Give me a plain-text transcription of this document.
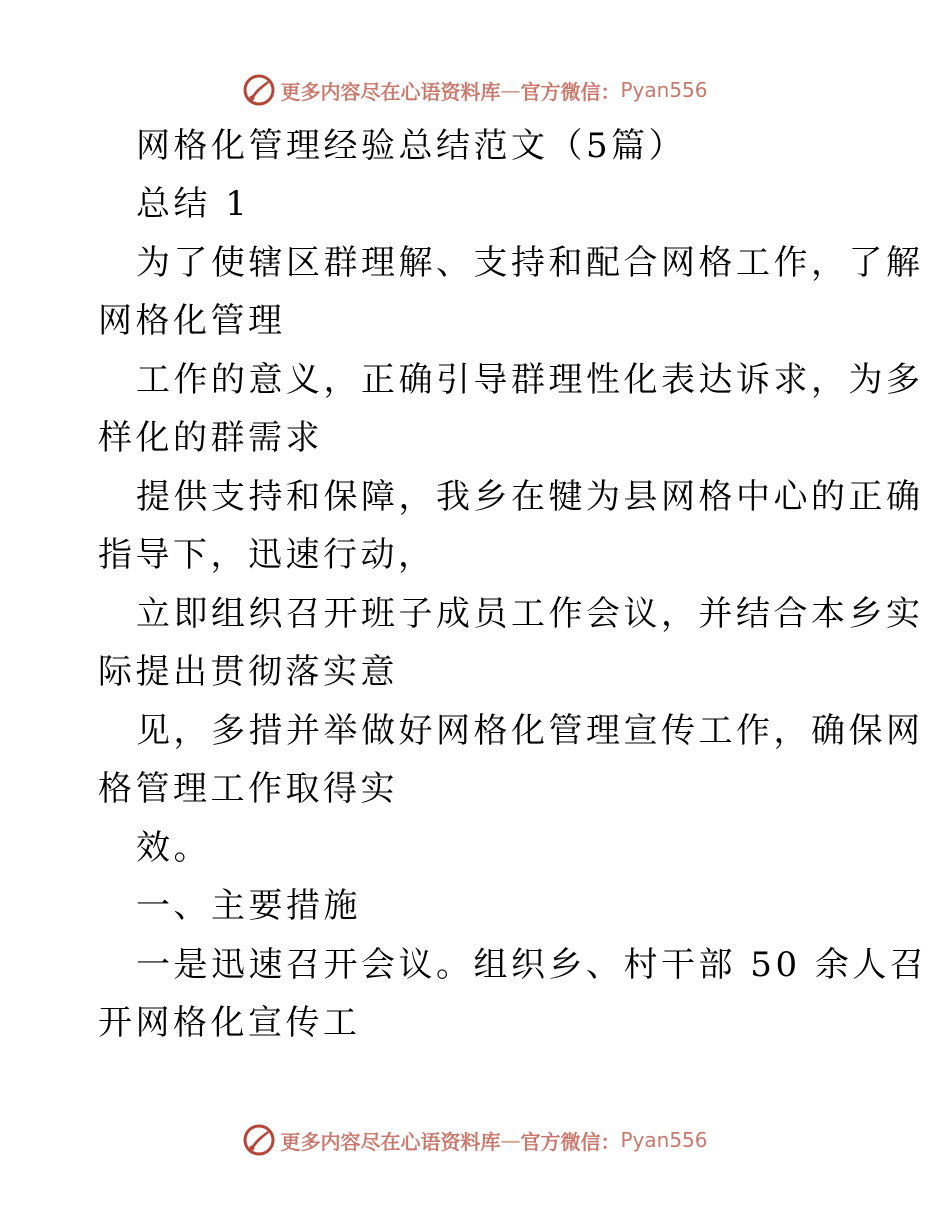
更多内容尽在心语资料库 — 官方微信： Pyan556
网格化管理经验总结范文（5篇）
总结 1
为了使辖区群理解、支持和配合网格工作，了解
网格化管理
工作的意义，正确引导群理性化表达诉求，为多
样化的群需求
提供支持和保障，我乡在犍为县网格中心的正确
指导下，迅速行动，
立即组织召开班子成员工作会议，并结合本乡实
际提出贯彻落实意
见，多措并举做好网格化管理宣传工作，确保网
格管理工作取得实
效。
一、主要措施
一是迅速召开会议。组织乡、村干部 50 余人召
开网格化宣传工
更多内容尽在心语资料库 — 官方微信： Pyan556
